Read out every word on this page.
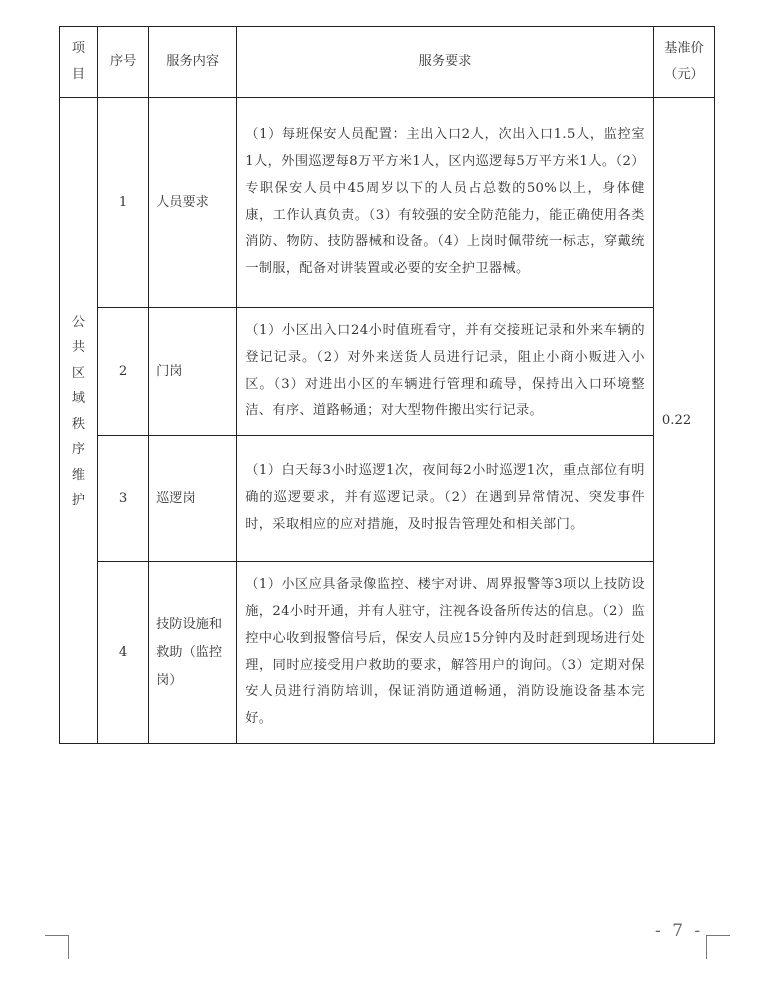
项目	序号	服务内容	服务要求	基准价
（元）
公共区域秩序维护	1	人员要求	（1）每班保安人员配置：主出入口2人，次出入口1.5人，监控室1人，外围巡逻每8万平方米1人，区内巡逻每5万平方米1人。（2）专职保安人员中45周岁以下的人员占总数的50%以上，身体健康，工作认真负责。（3）有较强的安全防范能力，能正确使用各类消防、物防、技防器械和设备。（4）上岗时佩带统一标志，穿戴统一制服，配备对讲装置或必要的安全护卫器械。	0.22
	2	门岗	（1）小区出入口24小时值班看守，并有交接班记录和外来车辆的登记记录。（2）对外来送货人员进行记录，阻止小商小贩进入小区。（3）对进出小区的车辆进行管理和疏导，保持出入口环境整洁、有序、道路畅通；对大型物件搬出实行记录。	
	3	巡逻岗	（1）白天每3小时巡逻1次，夜间每2小时巡逻1次，重点部位有明确的巡逻要求，并有巡逻记录。（2）在遇到异常情况、突发事件时，采取相应的应对措施，及时报告管理处和相关部门。	
	4	技防设施和救助（监控岗）	（1）小区应具备录像监控、楼宇对讲、周界报警等3项以上技防设施，24小时开通，并有人驻守，注视各设备所传达的信息。（2）监控中心收到报警信号后，保安人员应15分钟内及时赶到现场进行处理，同时应接受用户救助的要求，解答用户的询问。（3）定期对保安人员进行消防培训，保证消防通道畅通，消防设施设备基本完好。	
- 7 -
